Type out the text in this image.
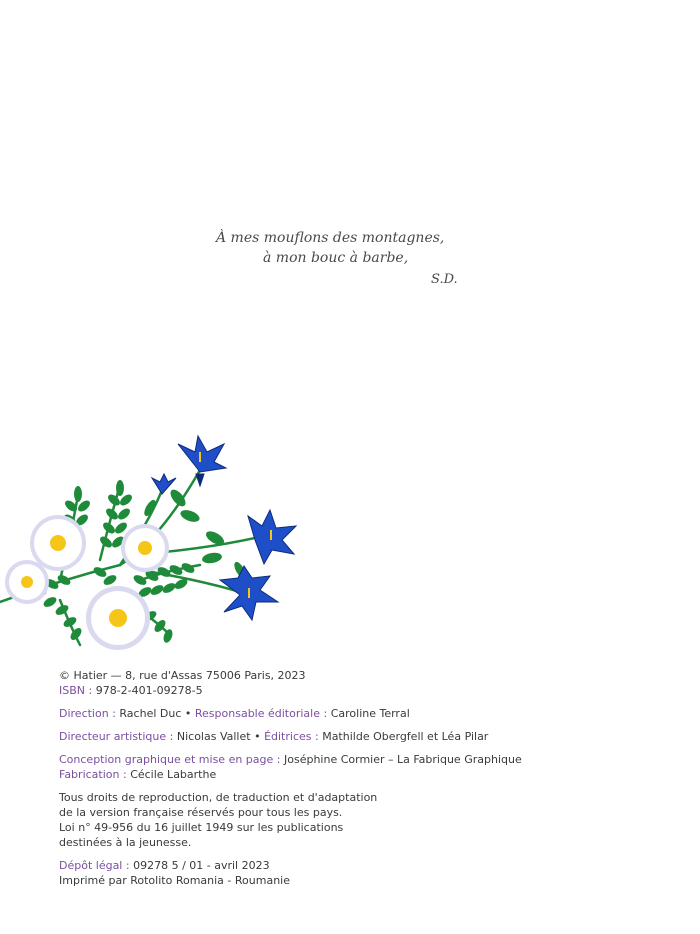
À mes mouflons des montagnes,
à mon bouc à barbe,
S.D.
© Hatier — 8, rue d'Assas 75006 Paris, 2023
ISBN : 978-2-401-09278-5
Direction : Rachel Duc • Responsable éditoriale : Caroline Terral
Directeur artistique : Nicolas Vallet • Éditrices : Mathilde Obergfell et Léa Pilar
Conception graphique et mise en page : Joséphine Cormier – La Fabrique Graphique
Fabrication : Cécile Labarthe
Tous droits de reproduction, de traduction et d'adaptation
de la version française réservés pour tous les pays.
Loi n° 49-956 du 16 juillet 1949 sur les publications
destinées à la jeunesse.
Dépôt légal : 09278 5 / 01 - avril 2023
Imprimé par Rotolito Romania - Roumanie
